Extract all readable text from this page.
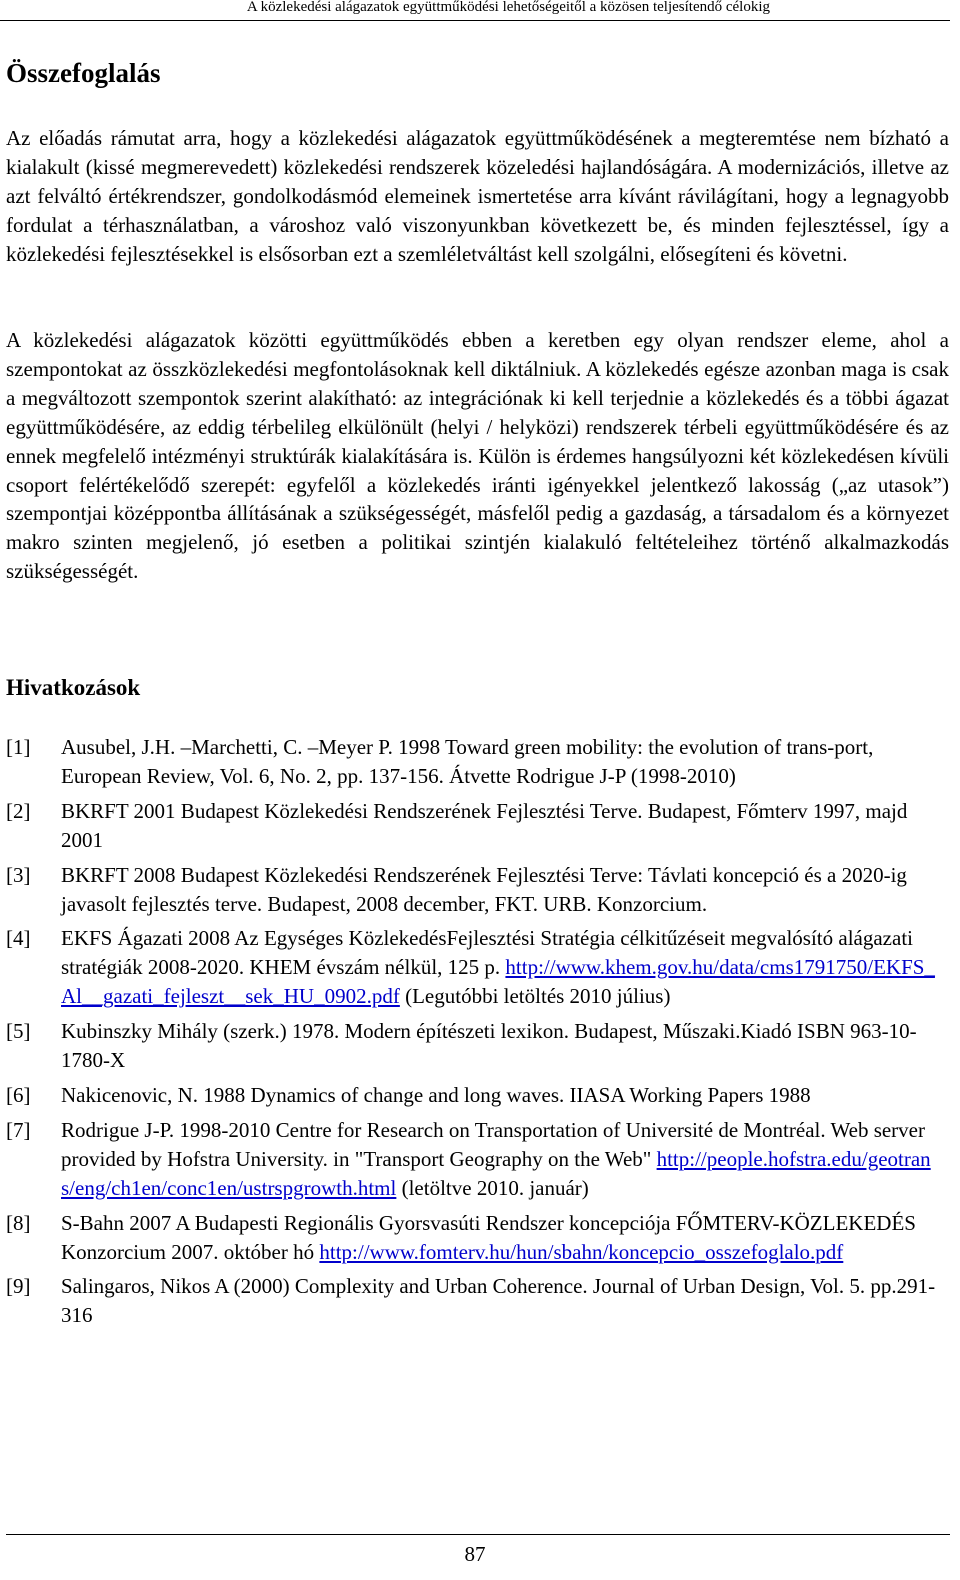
A közlekedési alágazatok együttműködési lehetőségeitől a közösen teljesítendő célokig
Összefoglalás

Az előadás rámutat arra, hogy a közlekedési alágazatok együttműködésének a megteremtése nem bízható a kialakult (kissé megmerevedett) közlekedési rendszerek közeledési hajlandóságára. A modernizációs, illetve az azt felváltó értékrendszer, gondolkodásmód elemeinek ismertetése arra kívánt rávilágítani, hogy a legnagyobb fordulat a térhasználatban, a városhoz való viszonyunkban következett be, és minden fejlesztéssel, így a közlekedési fejlesztésekkel is elsősorban ezt a szemléletváltást kell szolgálni, elősegíteni és követni.

A közlekedési alágazatok közötti együttműködés ebben a keretben egy olyan rendszer eleme, ahol a szempontokat az összközlekedési megfontolásoknak kell diktálniuk. A közlekedés egésze azonban maga is csak a megváltozott szempontok szerint alakítható: az integrációnak ki kell terjednie a közlekedés és a többi ágazat együttműködésére, az eddig térbelileg elkülönült (helyi / helyközi) rendszerek térbeli együttműködésére és az ennek megfelelő intézményi struktúrák kialakítására is. Külön is érdemes hangsúlyozni két közlekedésen kívüli csoport felértékelődő szerepét: egyfelől a közlekedés iránti igényekkel jelentkező lakosság („az utasok”) szempontjai középpontba állításának a szükségességét, másfelől pedig a gazdaság, a társadalom és a környezet makro szinten megjelenő, jó esetben a politikai szintjén kialakuló feltételeihez történő alkalmazkodás szükségességét.

Hivatkozások
[1]	Ausubel, J.H. –Marchetti, C. –Meyer P. 1998 Toward green mobility: the evolution of trans-port, European Review, Vol. 6, No. 2, pp. 137-156. Átvette Rodrigue J-P (1998-2010)
[2]	BKRFT 2001 Budapest Közlekedési Rendszerének Fejlesztési Terve. Budapest, Főmterv 1997, majd 2001
[3]	BKRFT 2008 Budapest Közlekedési Rendszerének Fejlesztési Terve: Távlati koncepció és a 2020-ig javasolt fejlesztés terve. Budapest, 2008 december, FKT. URB. Konzorcium.
[4]	EKFS Ágazati 2008 Az Egységes KözlekedésFejlesztési Stratégia célkitűzéseit megvalósító alágazati stratégiák 2008-2020. KHEM évszám nélkül, 125 p. http://www.khem.gov.hu/data/cms1791750/EKFS_Al__gazati_fejleszt__sek_HU_0902.pdf (Legutóbbi letöltés 2010 július)
[5]	Kubinszky Mihály (szerk.) 1978. Modern építészeti lexikon. Budapest, Műszaki.Kiadó ISBN 963-10-1780-X
[6]	Nakicenovic, N. 1988 Dynamics of change and long waves. IIASA Working Papers 1988
[7]	Rodrigue J-P. 1998-2010 Centre for Research on Transportation of Université de Montréal. Web server provided by Hofstra University. in "Transport Geography on the Web" http://people.hofstra.edu/geotrans/eng/ch1en/conc1en/ustrspgrowth.html (letöltve 2010. január)
[8]	S-Bahn 2007 A Budapesti Regionális Gyorsvasúti Rendszer koncepciója FŐMTERV-KÖZLEKEDÉS Konzorcium 2007. október hó http://www.fomterv.hu/hun/sbahn/koncepcio_osszefoglalo.pdf
[9]	Salingaros, Nikos A (2000) Complexity and Urban Coherence. Journal of Urban Design, Vol. 5. pp.291-316
87
